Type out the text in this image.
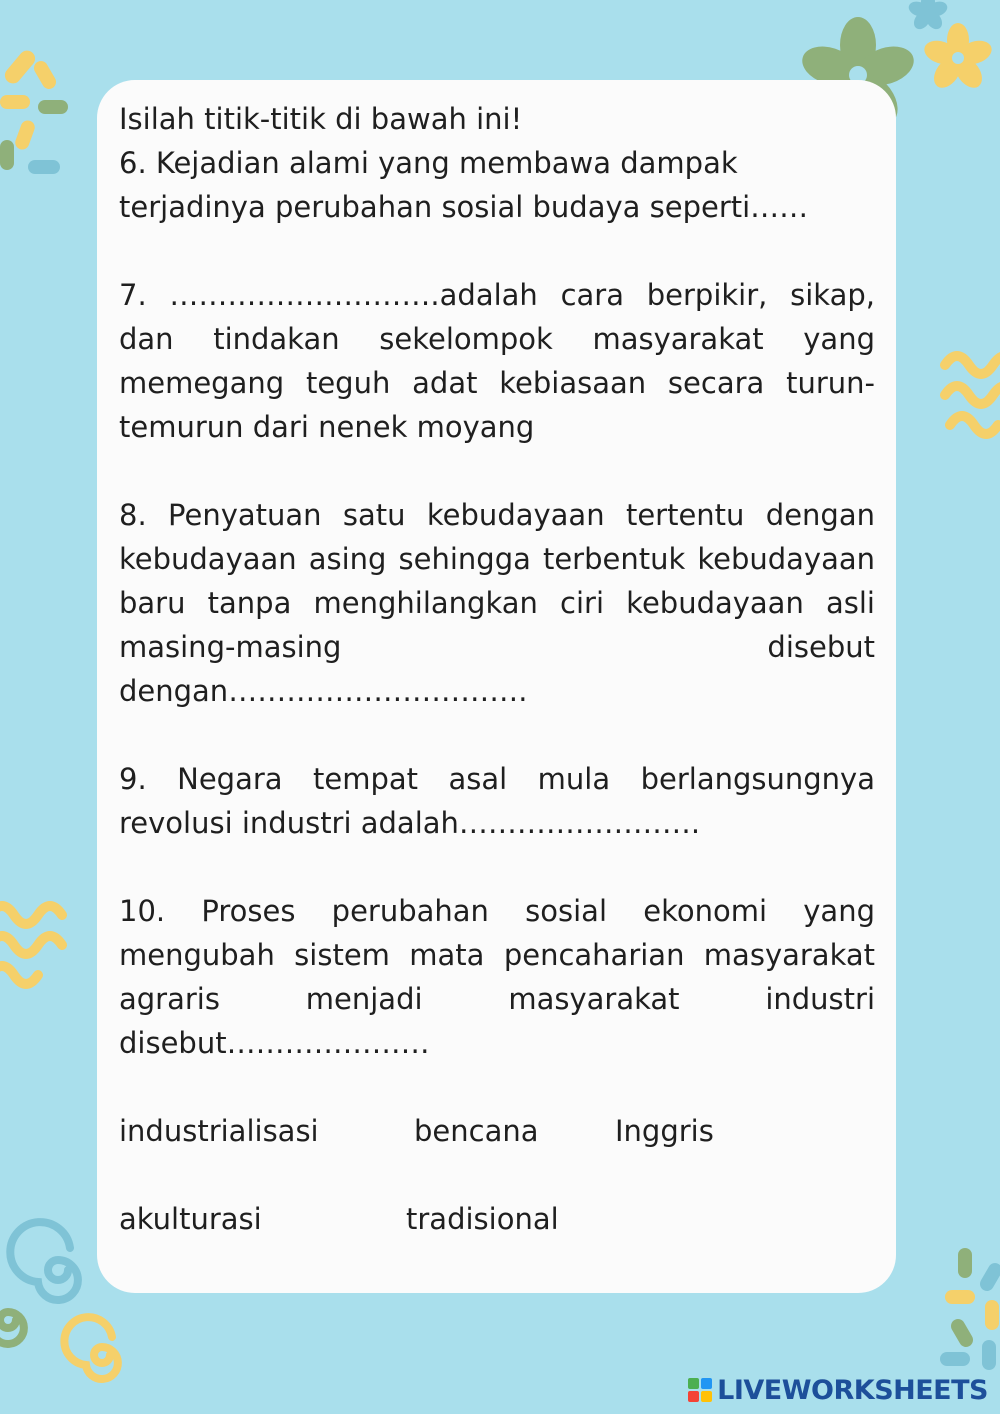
Isilah titik-titik di bawah ini!

6. Kejadian alami yang membawa dampak
terjadinya perubahan sosial budaya seperti……

7. ……………………….adalah cara berpikir, sikap, dan tindakan sekelompok masyarakat yang memegang teguh adat kebiasaan secara turun-temurun dari nenek moyang

8. Penyatuan satu kebudayaan tertentu dengan kebudayaan asing sehingga terbentuk kebudayaan baru tanpa menghilangkan ciri kebudayaan asli masing-masing disebut dengan………………………….

9. Negara tempat asal mula berlangsungnya
revolusi industri adalah…………………….

10. Proses perubahan sosial ekonomi yang
mengubah sistem mata pencaharian masyarakat
agraris menjadi masyarakat industri
disebut…………………

industrialisasi	bencana	Inggris
akulturasi	tradisional
LIVEWORKSHEETS
